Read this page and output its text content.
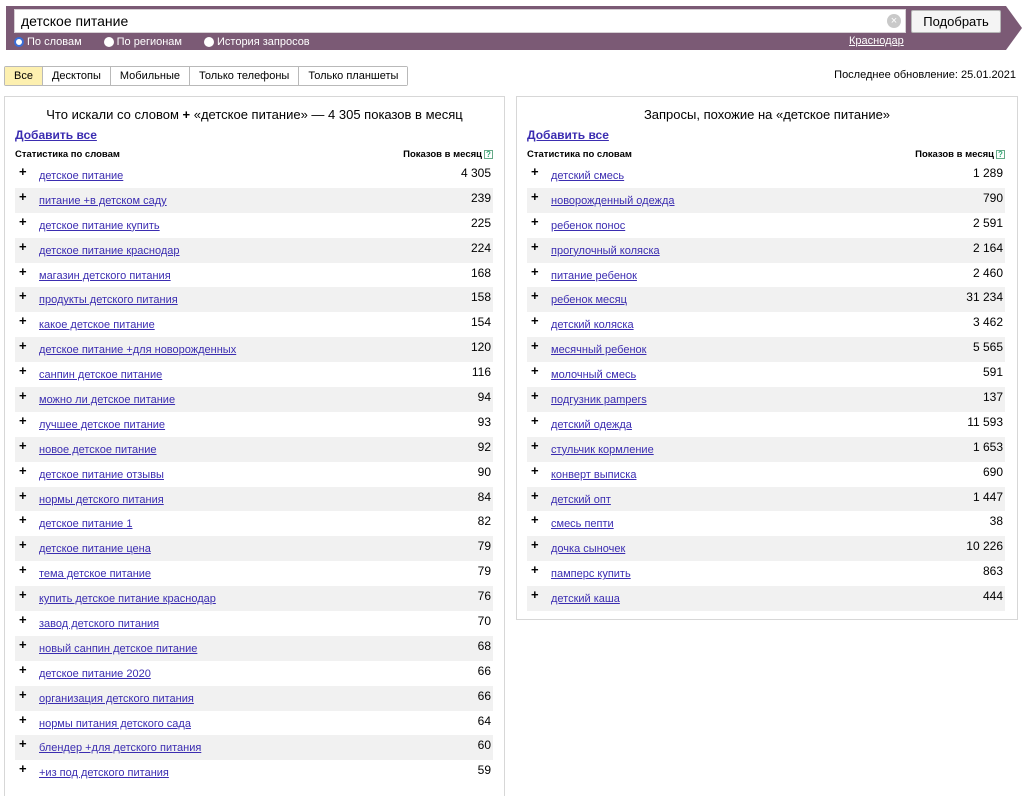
детское питание	×	Подобрать
По словам	По регионам	История запросов	Краснодар
Все	Десктопы	Мобильные	Только телефоны	Только планшеты	Последнее обновление: 25.01.2021
Что искали со словом + «детское питание» — 4 305 показов в месяц
Добавить все
Статистика по словам	Показов в месяц ?
+ детское питание	4 305
+ питание +в детском саду	239
+ детское питание купить	225
+ детское питание краснодар	224
+ магазин детского питания	168
+ продукты детского питания	158
+ какое детское питание	154
+ детское питание +для новорожденных	120
+ санпин детское питание	116
+ можно ли детское питание	94
+ лучшее детское питание	93
+ новое детское питание	92
+ детское питание отзывы	90
+ нормы детского питания	84
+ детское питание 1	82
+ детское питание цена	79
+ тема детское питание	79
+ купить детское питание краснодар	76
+ завод детского питания	70
+ новый санпин детское питание	68
+ детское питание 2020	66
+ организация детского питания	66
+ нормы питания детского сада	64
+ блендер +для детского питания	60
+ +из под детского питания	59
Запросы, похожие на «детское питание»
Добавить все
Статистика по словам	Показов в месяц ?
+ детский смесь	1 289
+ новорожденный одежда	790
+ ребенок понос	2 591
+ прогулочный коляска	2 164
+ питание ребенок	2 460
+ ребенок месяц	31 234
+ детский коляска	3 462
+ месячный ребенок	5 565
+ молочный смесь	591
+ подгузник pampers	137
+ детский одежда	11 593
+ стульчик кормление	1 653
+ конверт выписка	690
+ детский опт	1 447
+ смесь пепти	38
+ дочка сыночек	10 226
+ памперс купить	863
+ детский каша	444
